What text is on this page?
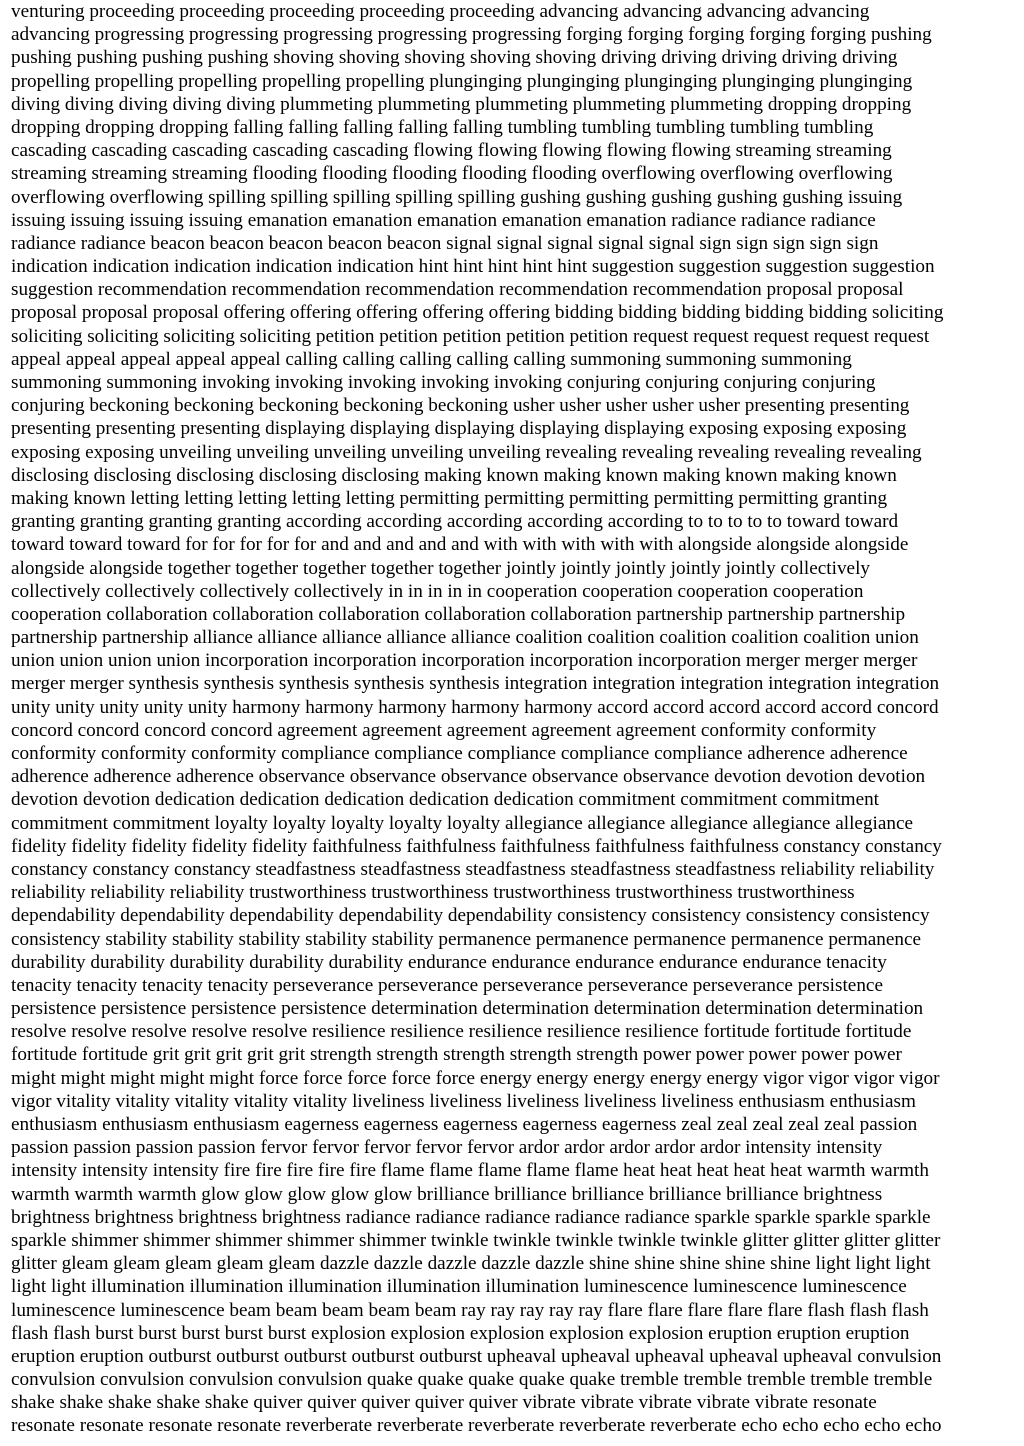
venturing proceeding proceeding proceeding proceeding proceeding advancing advancing advancing advancing
advancing progressing progressing progressing progressing progressing forging forging forging forging forging pushing
pushing pushing pushing pushing shoving shoving shoving shoving shoving driving driving driving driving driving
propelling propelling propelling propelling propelling plunginging plunginging plunginging plunginging plunginging
diving diving diving diving diving plummeting plummeting plummeting plummeting plummeting dropping dropping
dropping dropping dropping falling falling falling falling falling tumbling tumbling tumbling tumbling tumbling
cascading cascading cascading cascading cascading flowing flowing flowing flowing flowing streaming streaming
streaming streaming streaming flooding flooding flooding flooding flooding overflowing overflowing overflowing
overflowing overflowing spilling spilling spilling spilling spilling gushing gushing gushing gushing gushing issuing
issuing issuing issuing issuing emanation emanation emanation emanation emanation radiance radiance radiance
radiance radiance beacon beacon beacon beacon beacon signal signal signal signal signal sign sign sign sign sign
indication indication indication indication indication hint hint hint hint hint suggestion suggestion suggestion suggestion
suggestion recommendation recommendation recommendation recommendation recommendation proposal proposal
proposal proposal proposal offering offering offering offering offering bidding bidding bidding bidding bidding soliciting
soliciting soliciting soliciting soliciting petition petition petition petition petition request request request request request
appeal appeal appeal appeal appeal calling calling calling calling calling summoning summoning summoning
summoning summoning invoking invoking invoking invoking invoking conjuring conjuring conjuring conjuring
conjuring beckoning beckoning beckoning beckoning beckoning usher usher usher usher usher presenting presenting
presenting presenting presenting displaying displaying displaying displaying displaying exposing exposing exposing
exposing exposing unveiling unveiling unveiling unveiling unveiling revealing revealing revealing revealing revealing
disclosing disclosing disclosing disclosing disclosing making known making known making known making known
making known letting letting letting letting letting permitting permitting permitting permitting permitting granting
granting granting granting granting according according according according according to to to to to toward toward
toward toward toward for for for for for and and and and and with with with with with alongside alongside alongside
alongside alongside together together together together together jointly jointly jointly jointly jointly collectively
collectively collectively collectively collectively in in in in in cooperation cooperation cooperation cooperation
cooperation collaboration collaboration collaboration collaboration collaboration partnership partnership partnership
partnership partnership alliance alliance alliance alliance alliance coalition coalition coalition coalition coalition union
union union union union incorporation incorporation incorporation incorporation incorporation merger merger merger
merger merger synthesis synthesis synthesis synthesis synthesis integration integration integration integration integration
unity unity unity unity unity harmony harmony harmony harmony harmony accord accord accord accord accord concord
concord concord concord concord agreement agreement agreement agreement agreement conformity conformity
conformity conformity conformity compliance compliance compliance compliance compliance adherence adherence
adherence adherence adherence observance observance observance observance observance devotion devotion devotion
devotion devotion dedication dedication dedication dedication dedication commitment commitment commitment
commitment commitment loyalty loyalty loyalty loyalty loyalty allegiance allegiance allegiance allegiance allegiance
fidelity fidelity fidelity fidelity fidelity faithfulness faithfulness faithfulness faithfulness faithfulness constancy constancy
constancy constancy constancy steadfastness steadfastness steadfastness steadfastness steadfastness reliability reliability
reliability reliability reliability trustworthiness trustworthiness trustworthiness trustworthiness trustworthiness
dependability dependability dependability dependability dependability consistency consistency consistency consistency
consistency stability stability stability stability stability permanence permanence permanence permanence permanence
durability durability durability durability durability endurance endurance endurance endurance endurance tenacity
tenacity tenacity tenacity tenacity perseverance perseverance perseverance perseverance perseverance persistence
persistence persistence persistence persistence determination determination determination determination determination
resolve resolve resolve resolve resolve resilience resilience resilience resilience resilience fortitude fortitude fortitude
fortitude fortitude grit grit grit grit grit strength strength strength strength strength power power power power power
might might might might might force force force force force energy energy energy energy energy vigor vigor vigor vigor
vigor vitality vitality vitality vitality vitality liveliness liveliness liveliness liveliness liveliness enthusiasm enthusiasm
enthusiasm enthusiasm enthusiasm eagerness eagerness eagerness eagerness eagerness zeal zeal zeal zeal zeal passion
passion passion passion passion fervor fervor fervor fervor fervor ardor ardor ardor ardor ardor intensity intensity
intensity intensity intensity fire fire fire fire fire flame flame flame flame flame heat heat heat heat heat warmth warmth
warmth warmth warmth glow glow glow glow glow brilliance brilliance brilliance brilliance brilliance brightness
brightness brightness brightness brightness radiance radiance radiance radiance radiance sparkle sparkle sparkle sparkle
sparkle shimmer shimmer shimmer shimmer shimmer twinkle twinkle twinkle twinkle twinkle glitter glitter glitter glitter
glitter gleam gleam gleam gleam gleam dazzle dazzle dazzle dazzle dazzle shine shine shine shine shine light light light
light light illumination illumination illumination illumination illumination luminescence luminescence luminescence
luminescence luminescence beam beam beam beam beam ray ray ray ray ray flare flare flare flare flare flash flash flash
flash flash burst burst burst burst burst explosion explosion explosion explosion explosion eruption eruption eruption
eruption eruption outburst outburst outburst outburst outburst upheaval upheaval upheaval upheaval upheaval convulsion
convulsion convulsion convulsion convulsion quake quake quake quake quake tremble tremble tremble tremble tremble
shake shake shake shake shake quiver quiver quiver quiver quiver vibrate vibrate vibrate vibrate vibrate resonate
resonate resonate resonate resonate reverberate reverberate reverberate reverberate reverberate echo echo echo echo echo
